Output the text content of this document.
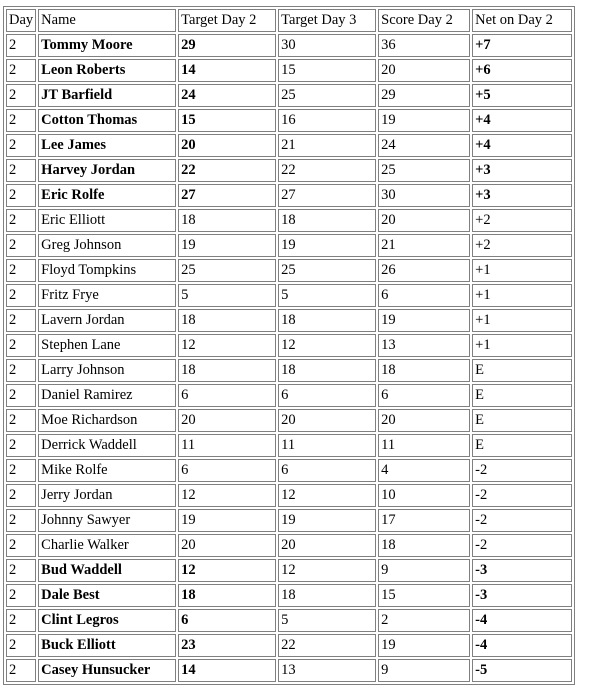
Day	Name	Target Day 2	Target Day 3	Score Day 2	Net on Day 2
2	Tommy Moore	29	30	36	+7
2	Leon Roberts	14	15	20	+6
2	JT Barfield	24	25	29	+5
2	Cotton Thomas	15	16	19	+4
2	Lee James	20	21	24	+4
2	Harvey Jordan	22	22	25	+3
2	Eric Rolfe	27	27	30	+3
2	Eric Elliott	18	18	20	+2
2	Greg Johnson	19	19	21	+2
2	Floyd Tompkins	25	25	26	+1
2	Fritz Frye	5	5	6	+1
2	Lavern Jordan	18	18	19	+1
2	Stephen Lane	12	12	13	+1
2	Larry Johnson	18	18	18	E
2	Daniel Ramirez	6	6	6	E
2	Moe Richardson	20	20	20	E
2	Derrick Waddell	11	11	11	E
2	Mike Rolfe	6	6	4	-2
2	Jerry Jordan	12	12	10	-2
2	Johnny Sawyer	19	19	17	-2
2	Charlie Walker	20	20	18	-2
2	Bud Waddell	12	12	9	-3
2	Dale Best	18	18	15	-3
2	Clint Legros	6	5	2	-4
2	Buck Elliott	23	22	19	-4
2	Casey Hunsucker	14	13	9	-5
